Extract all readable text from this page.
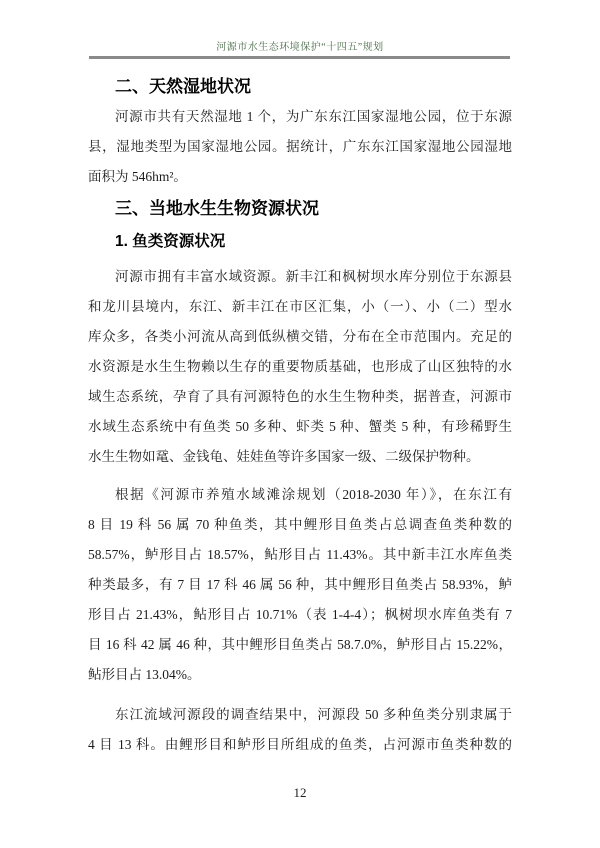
河源市水生态环境保护“十四五”规划
二、天然湿地状况
河源市共有天然湿地 1 个，为广东东江国家湿地公园，位于东源
县，湿地类型为国家湿地公园。据统计，广东东江国家湿地公园湿地
面积为 546hm²。
三、当地水生生物资源状况
1. 鱼类资源状况
河源市拥有丰富水域资源。新丰江和枫树坝水库分别位于东源县
和龙川县境内，东江、新丰江在市区汇集，小（一）、小（二）型水
库众多，各类小河流从高到低纵横交错，分布在全市范围内。充足的
水资源是水生生物赖以生存的重要物质基础，也形成了山区独特的水
域生态系统，孕育了具有河源特色的水生生物种类，据普查，河源市
水域生态系统中有鱼类 50 多种、虾类 5 种、蟹类 5 种，有珍稀野生
水生生物如鼋、金钱龟、娃娃鱼等许多国家一级、二级保护物种。
根据《河源市养殖水域滩涂规划（2018-2030 年）》，在东江有
8 目 19 科 56 属 70 种鱼类，其中鲤形目鱼类占总调查鱼类种数的
58.57%，鲈形目占 18.57%，鲇形目占 11.43%。其中新丰江水库鱼类
种类最多，有 7 目 17 科 46 属 56 种，其中鲤形目鱼类占 58.93%，鲈
形目占 21.43%，鲇形目占 10.71%（表 1-4-4）；枫树坝水库鱼类有 7
目 16 科 42 属 46 种，其中鲤形目鱼类占 58.7.0%，鲈形目占 15.22%，
鲇形目占 13.04%。
东江流域河源段的调查结果中，河源段 50 多种鱼类分别隶属于
4 目 13 科。由鲤形目和鲈形目所组成的鱼类，占河源市鱼类种数的
12
